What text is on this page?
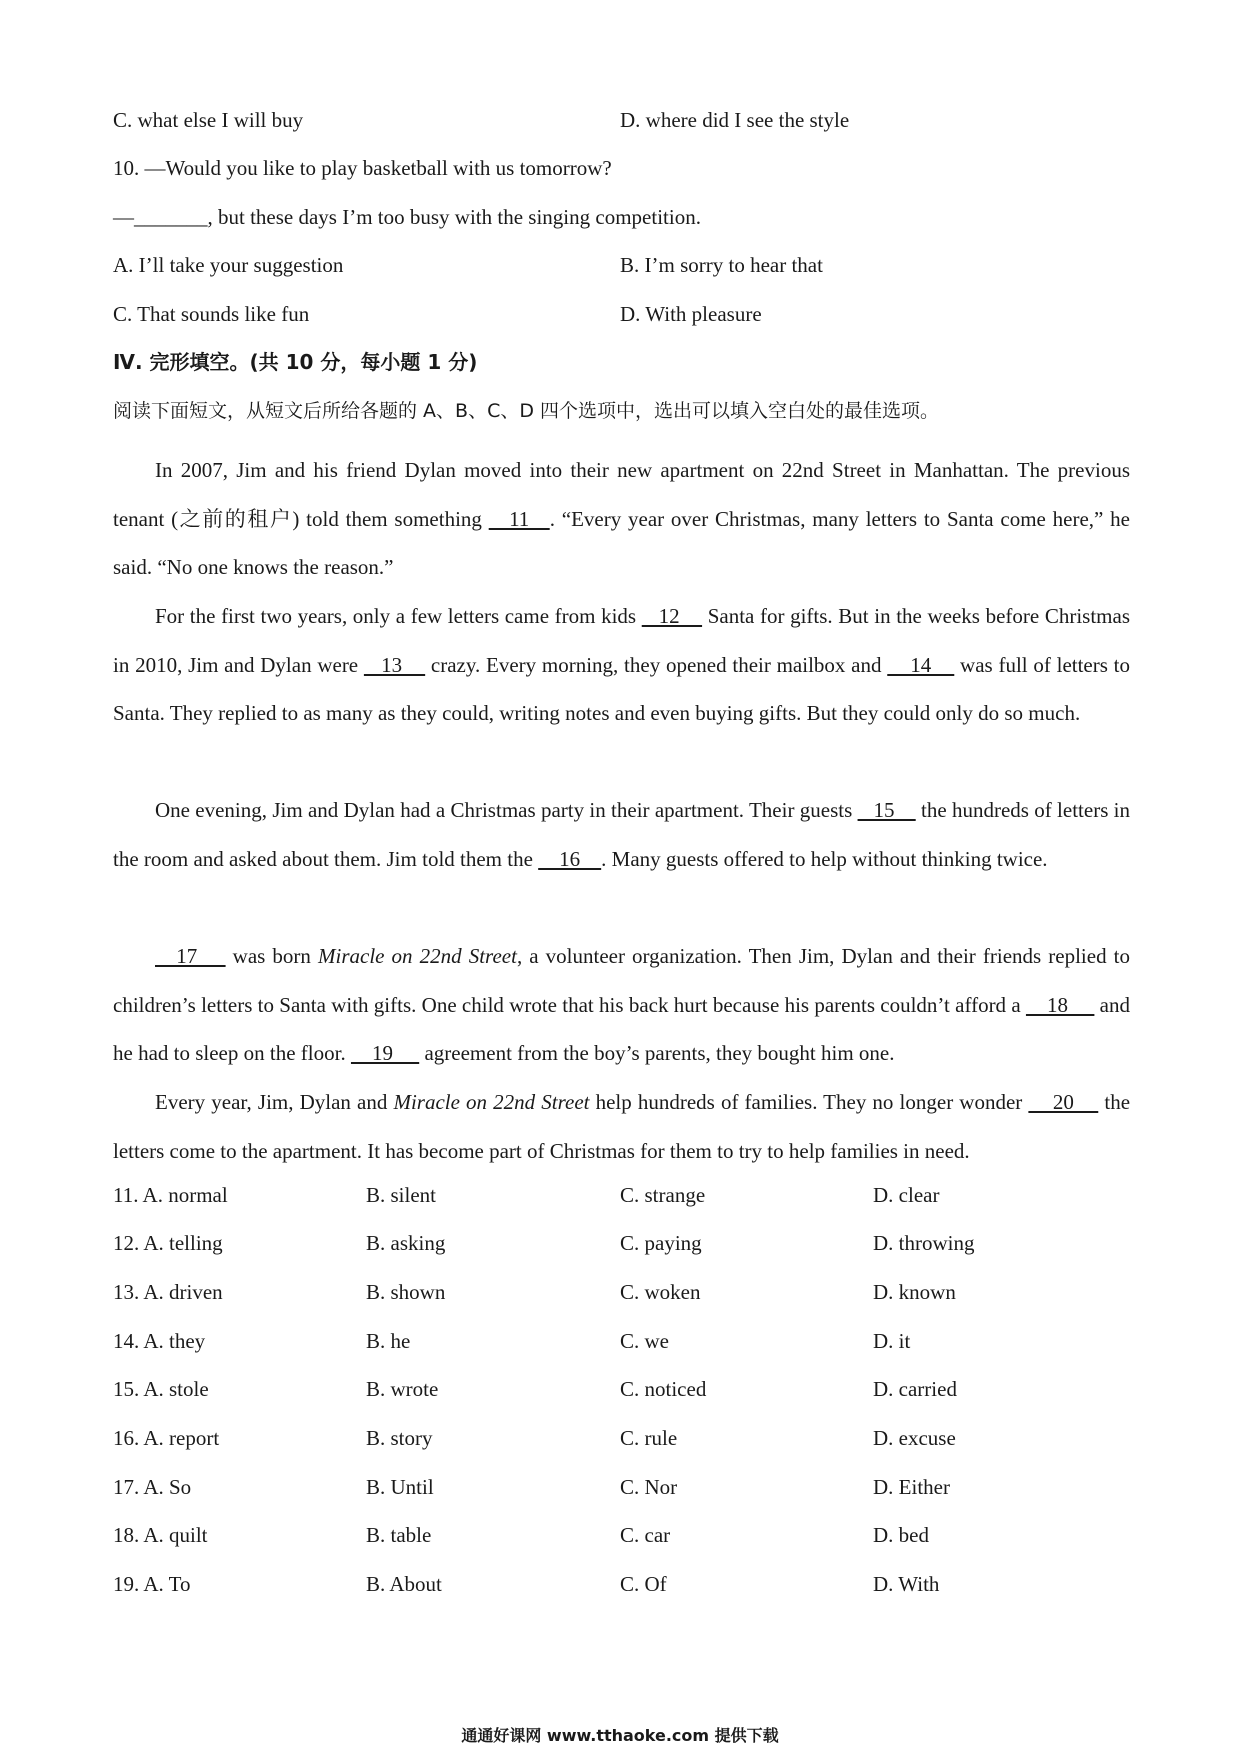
C. what else I will buy	D. where did I see the style
10. —Would you like to play basketball with us tomorrow?
—_______, but these days I’m too busy with the singing competition.
A. I’ll take your suggestion	B. I’m sorry to hear that
C. That sounds like fun	D. With pleasure
Ⅳ. 完形填空。(共 10 分，每小题 1 分)
阅读下面短文，从短文后所给各题的 A、B、C、D 四个选项中，选出可以填入空白处的最佳选项。
In 2007, Jim and his friend Dylan moved into their new apartment on 22nd Street in Manhattan. The previous tenant (之前的租户) told them something    11   . “Every year over Christmas, many letters to Santa come here,” he said. “No one knows the reason.”
For the first two years, only a few letters came from kids    12     Santa for gifts. But in the weeks before Christmas in 2010, Jim and Dylan were    13     crazy. Every morning, they opened their mailbox and     14     was full of letters to Santa. They replied to as many as they could, writing notes and even buying gifts. But they could only do so much.
One evening, Jim and Dylan had a Christmas party in their apartment. Their guests    15     the hundreds of letters in the room and asked about them. Jim told them the     16    . Many guests offered to help without thinking twice.
17     was born Miracle on 22nd Street, a volunteer organization. Then Jim, Dylan and their friends replied to children’s letters to Santa with gifts. One child wrote that his back hurt because his parents couldn’t afford a     18      and he had to sleep on the floor.     19      agreement from the boy’s parents, they bought him one.
Every year, Jim, Dylan and Miracle on 22nd Street help hundreds of families. They no longer wonder     20     the letters come to the apartment. It has become part of Christmas for them to try to help families in need.
11. A. normal	B. silent	C. strange	D. clear
12. A. telling	B. asking	C. paying	D. throwing
13. A. driven	B. shown	C. woken	D. known
14. A. they	B. he	C. we	D. it
15. A. stole	B. wrote	C. noticed	D. carried
16. A. report	B. story	C. rule	D. excuse
17. A. So	B. Until	C. Nor	D. Either
18. A. quilt	B. table	C. car	D. bed
19. A. To	B. About	C. Of	D. With
通通好课网 www.tthaoke.com 提供下载
